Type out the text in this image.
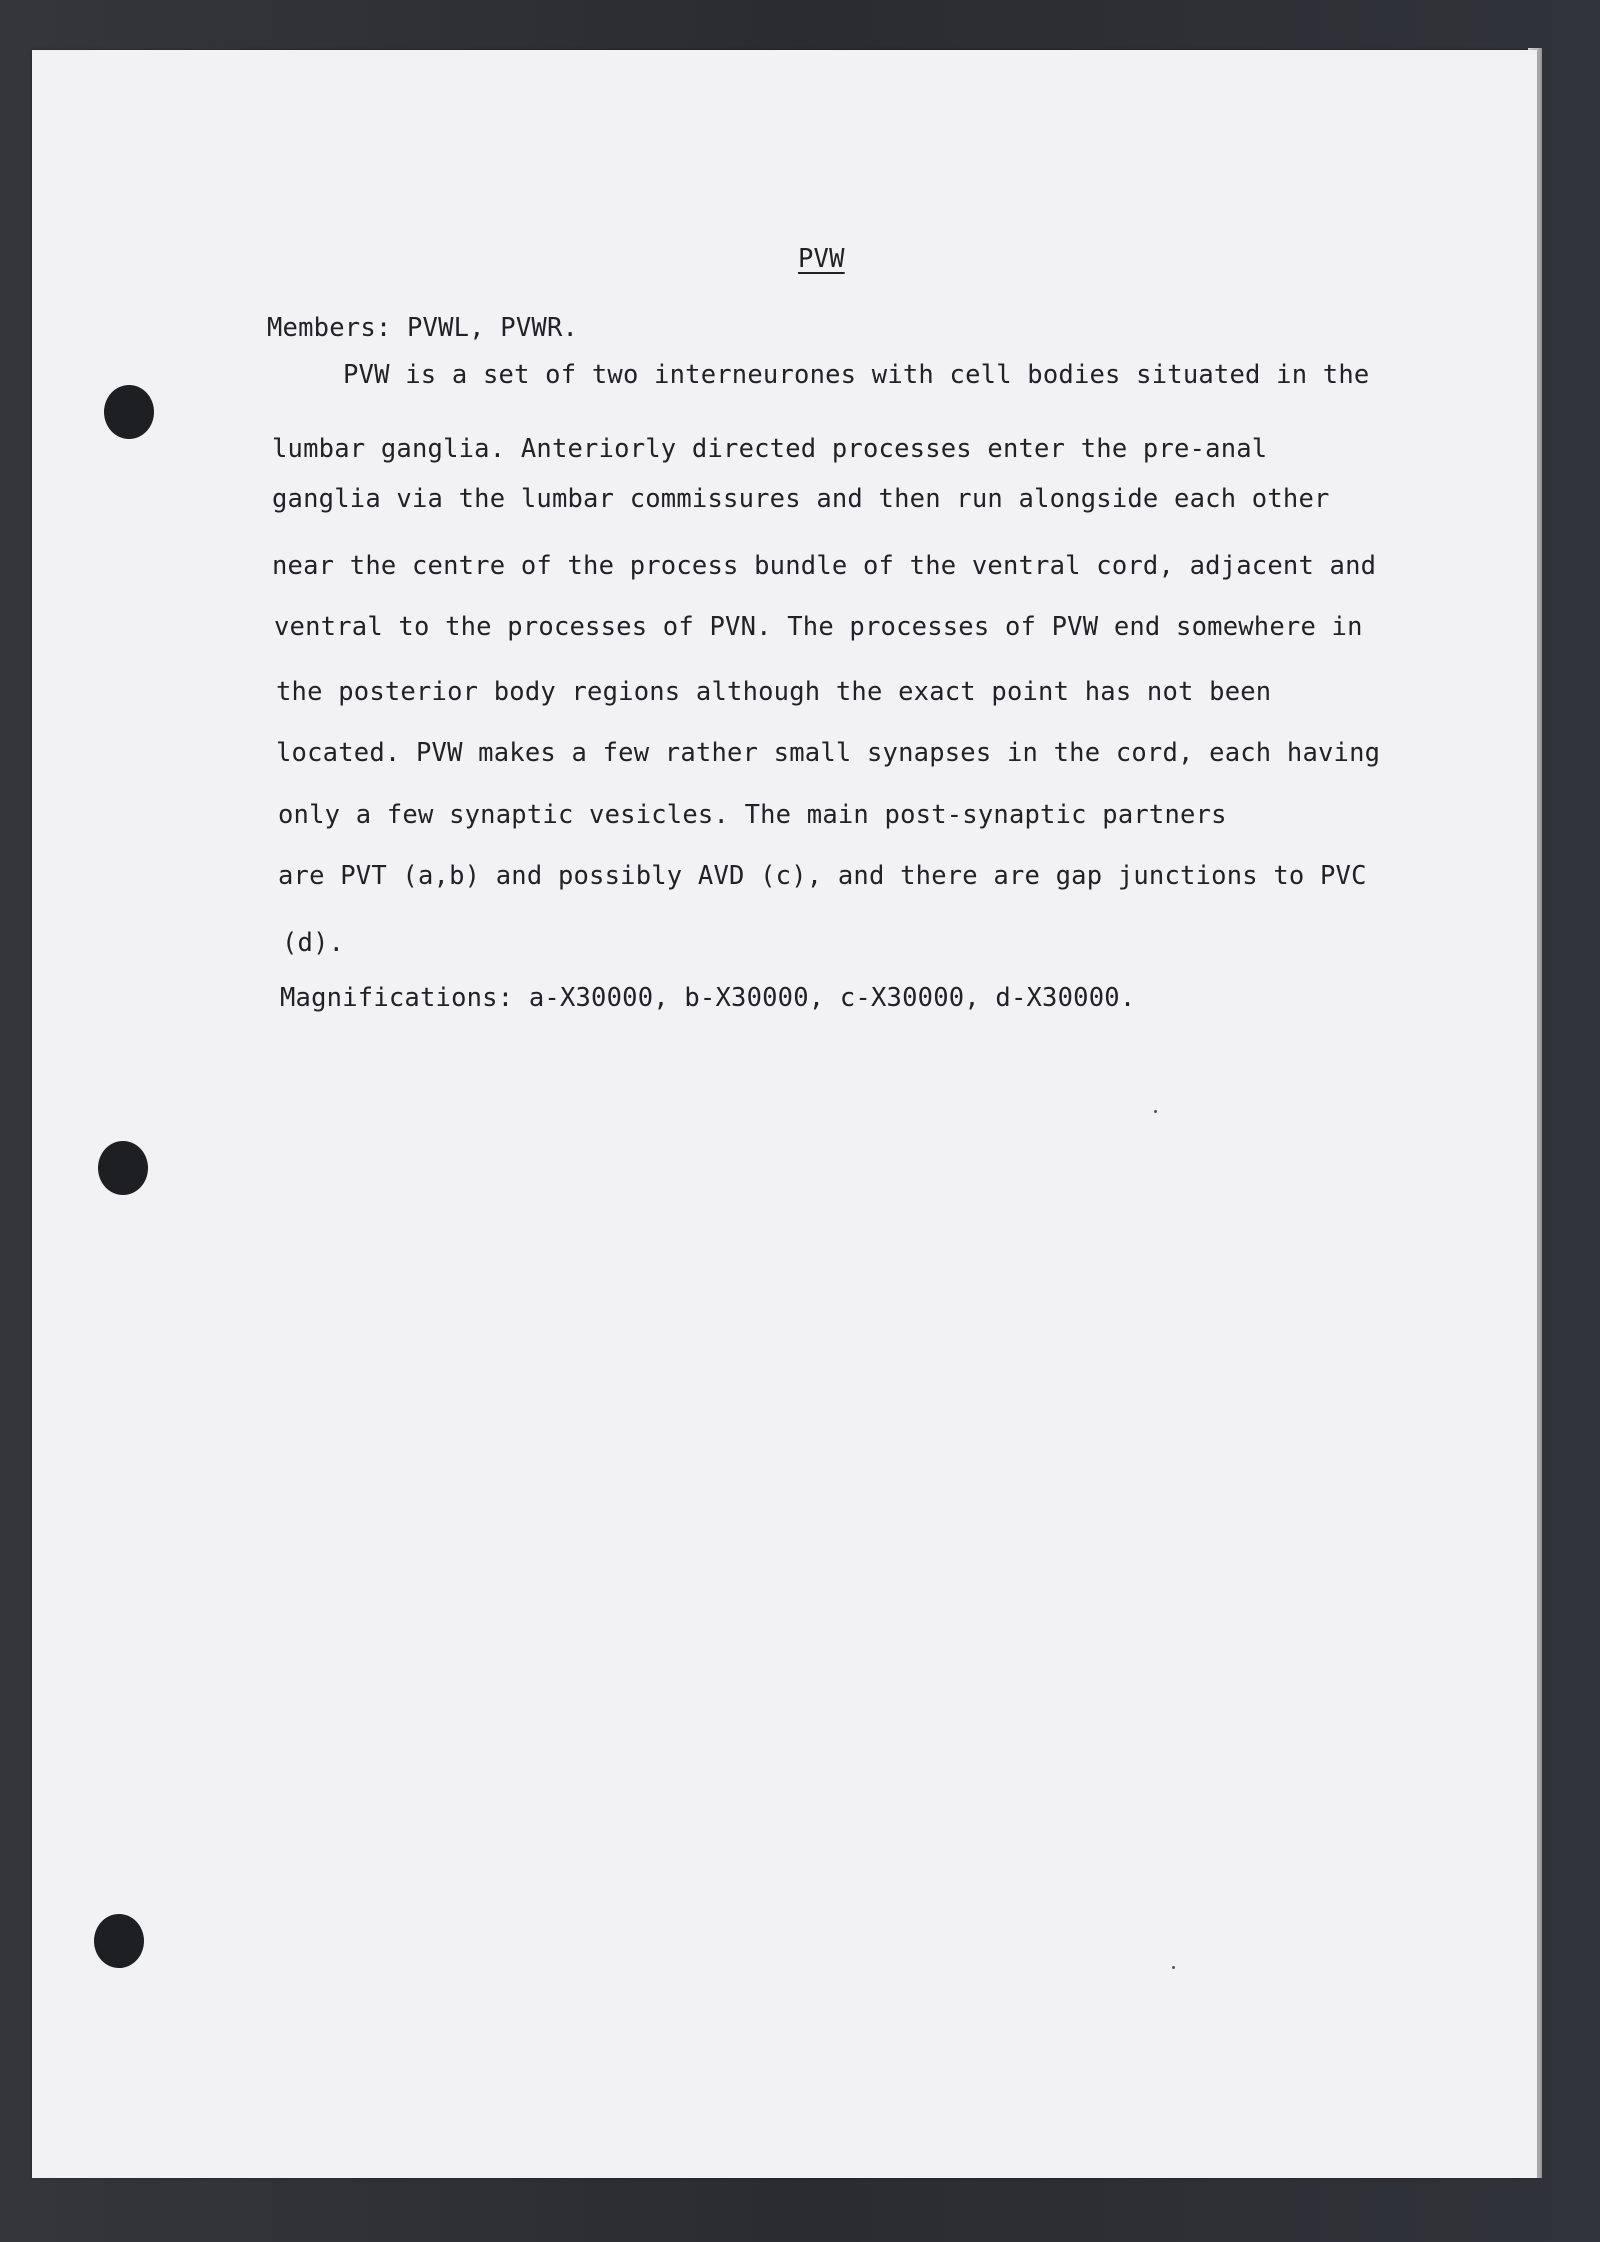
PVW
Members: PVWL, PVWR.
PVW is a set of two interneurones with cell bodies situated in the
lumbar ganglia. Anteriorly directed processes enter the pre-anal
ganglia via the lumbar commissures and then run alongside each other
near the centre of the process bundle of the ventral cord, adjacent and
ventral to the processes of PVN. The processes of PVW end somewhere in
the posterior body regions although the exact point has not been
located. PVW makes a few rather small synapses in the cord, each having
only a few synaptic vesicles. The main post-synaptic partners
are PVT (a,b) and possibly AVD (c), and there are gap junctions to PVC
(d).
Magnifications: a-X30000, b-X30000, c-X30000, d-X30000.
